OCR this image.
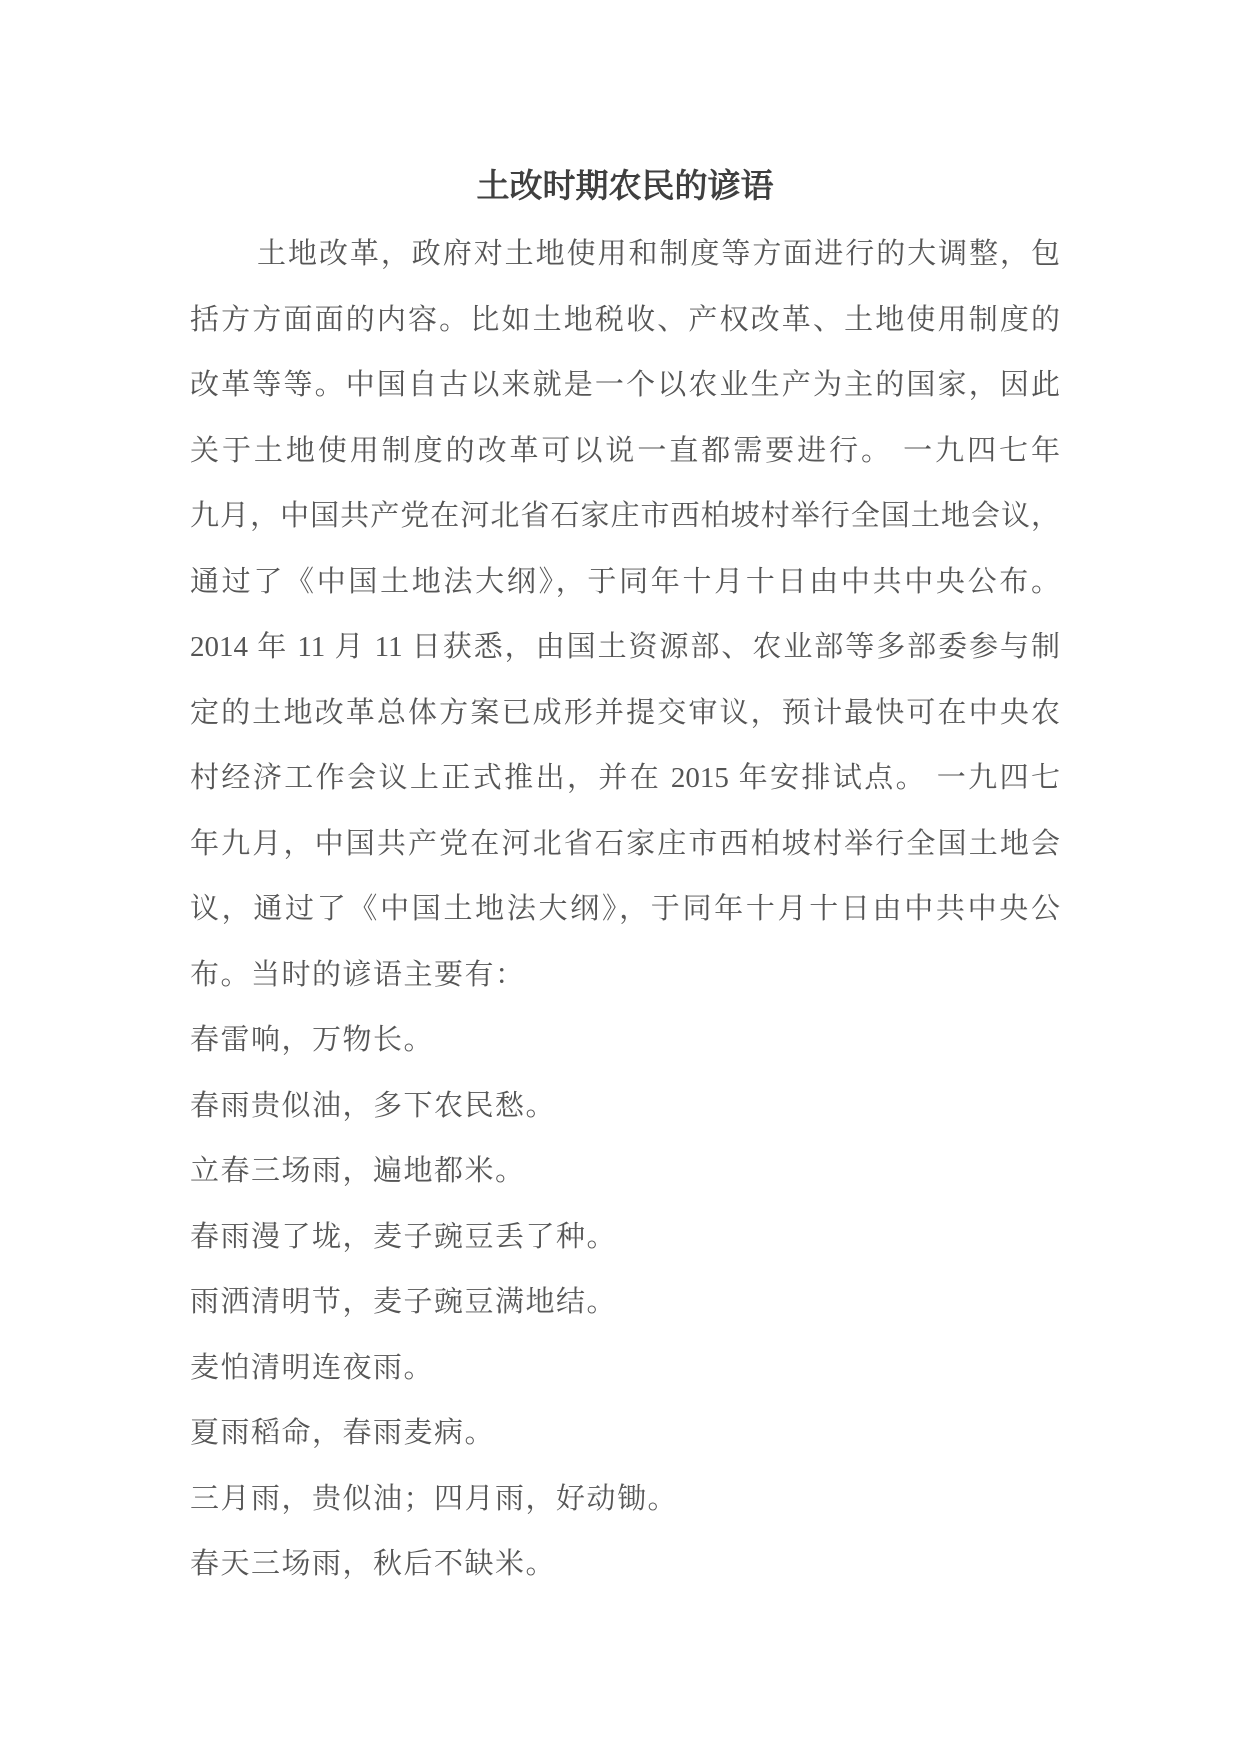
土改时期农民的谚语
土地改革，政府对土地使用和制度等方面进行的大调整，包
括方方面面的内容。比如土地税收、产权改革、土地使用制度的
改革等等。中国自古以来就是一个以农业生产为主的国家，因此
关于土地使用制度的改革可以说一直都需要进行。 一九四七年
九月，中国共产党在河北省石家庄市西柏坡村举行全国土地会议，
通过了《中国土地法大纲》，于同年十月十日由中共中央公布。
2014 年 11 月 11 日获悉，由国土资源部、农业部等多部委参与制
定的土地改革总体方案已成形并提交审议，预计最快可在中央农
村经济工作会议上正式推出，并在 2015 年安排试点。 一九四七
年九月，中国共产党在河北省石家庄市西柏坡村举行全国土地会
议，通过了《中国土地法大纲》，于同年十月十日由中共中央公
布。当时的谚语主要有：
春雷响，万物长。
春雨贵似油，多下农民愁。
立春三场雨，遍地都米。
春雨漫了垅，麦子豌豆丢了种。
雨洒清明节，麦子豌豆满地结。
麦怕清明连夜雨。
夏雨稻命，春雨麦病。
三月雨，贵似油；四月雨，好动锄。
春天三场雨，秋后不缺米。
